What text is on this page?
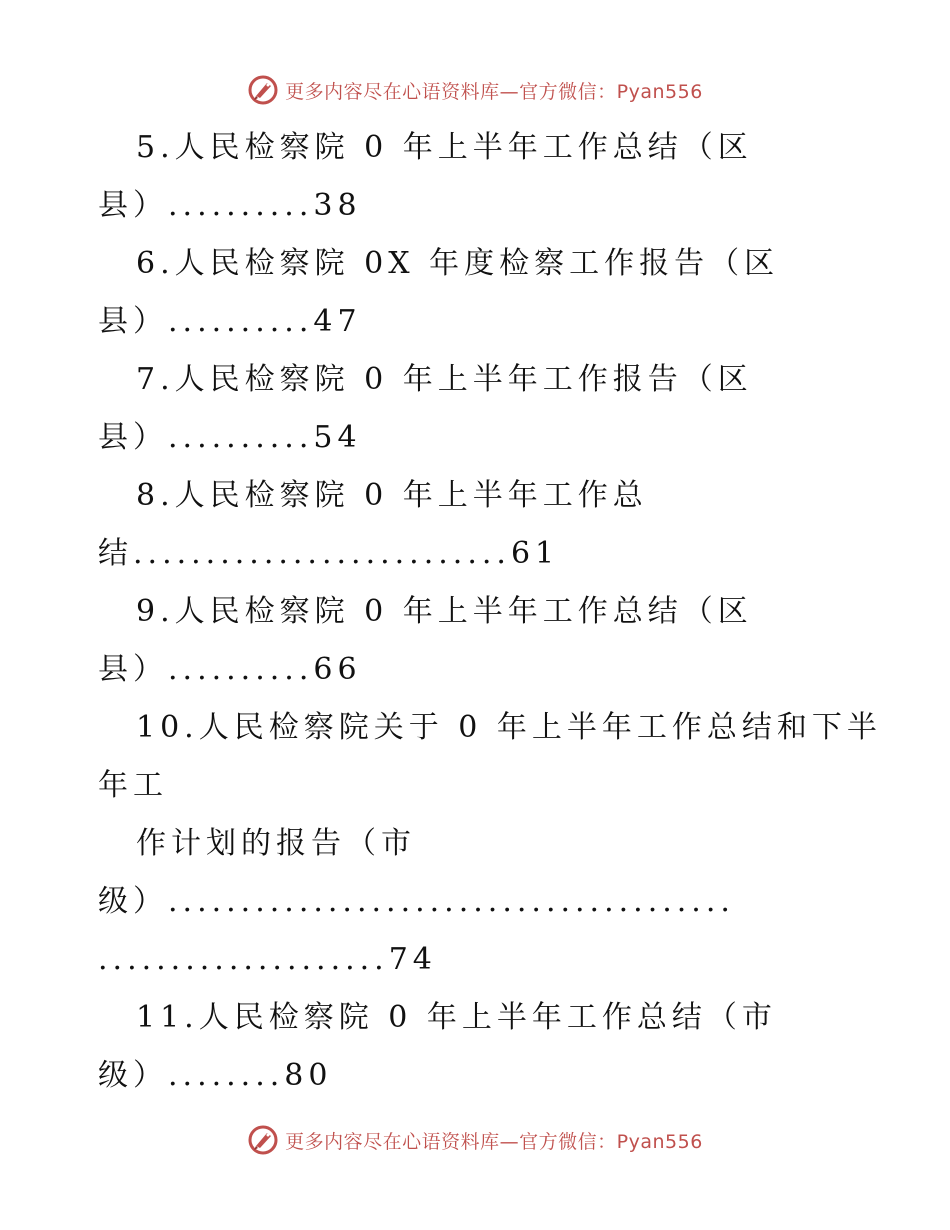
更多内容尽在心语资料库—官方微信：Pyan556
5.人民检察院 0 年上半年工作总结（区
县）..........38
6.人民检察院 0X 年度检察工作报告（区
县）..........47
7.人民检察院 0 年上半年工作报告（区
县）..........54
8.人民检察院 0 年上半年工作总
结..........................61
9.人民检察院 0 年上半年工作总结（区
县）..........66
10.人民检察院关于 0 年上半年工作总结和下半
年工
作计划的报告（市
级）.......................................
....................74
11.人民检察院 0 年上半年工作总结（市
级）........80
更多内容尽在心语资料库—官方微信：Pyan556
